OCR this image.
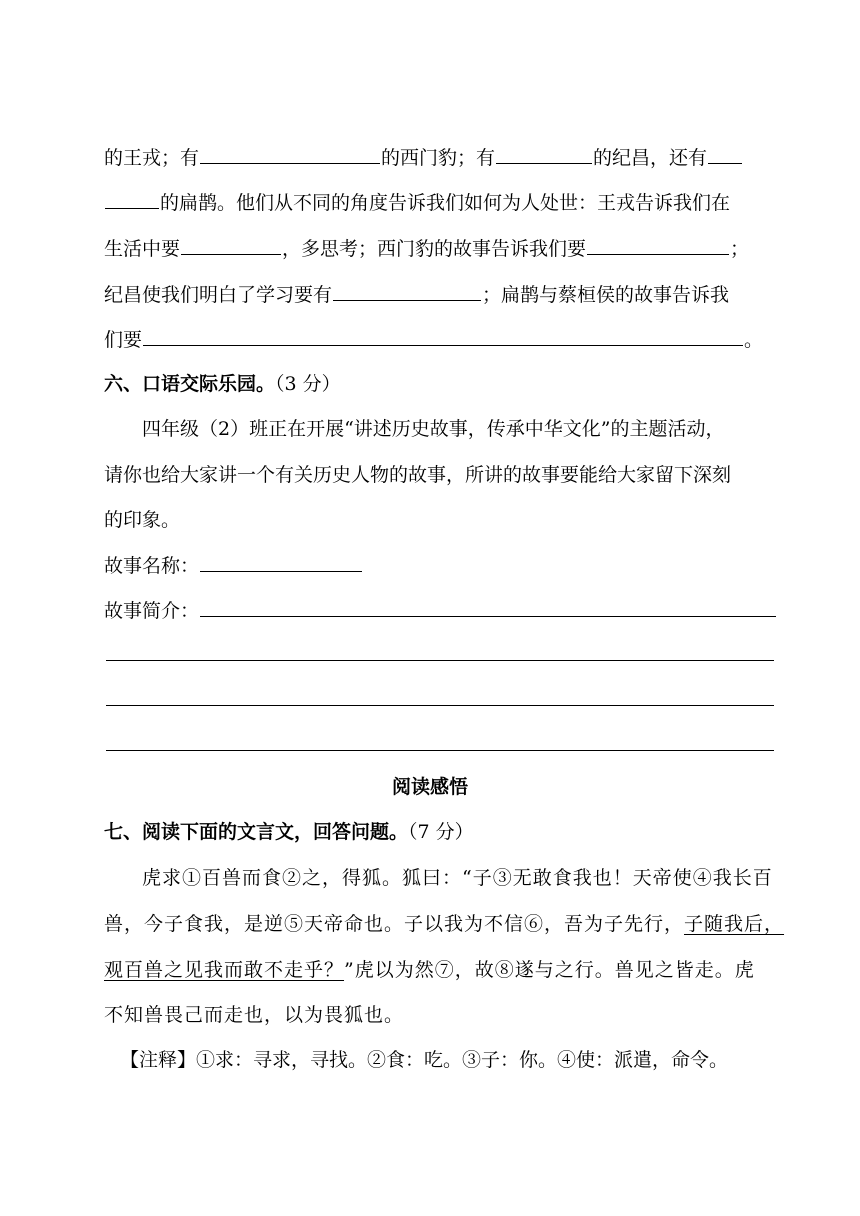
的王戎；有	的西门豹；有	的纪昌，还有
的扁鹊。他们从不同的角度告诉我们如何为人处世：王戎告诉我们在
生活中要	，多思考；西门豹的故事告诉我们要	；
纪昌使我们明白了学习要有	；扁鹊与蔡桓侯的故事告诉我
们要	。
六、口语交际乐园。（3 分）
四年级（2）班正在开展“讲述历史故事，传承中华文化”的主题活动，
请你也给大家讲一个有关历史人物的故事，所讲的故事要能给大家留下深刻
的印象。
故事名称：
故事简介：
阅读感悟
七、阅读下面的文言文，回答问题。（7 分）
虎求①百兽而食②之，得狐。狐曰：“子③无敢食我也！天帝使④我长百
兽，今子食我，是逆⑤天帝命也。子以我为不信⑥，吾为子先行，子随我后，
观百兽之见我而敢不走乎？”虎以为然⑦，故⑧遂与之行。兽见之皆走。虎
不知兽畏己而走也，以为畏狐也。
【注释】①求：寻求，寻找。②食：吃。③子：你。④使：派遣，命令。
